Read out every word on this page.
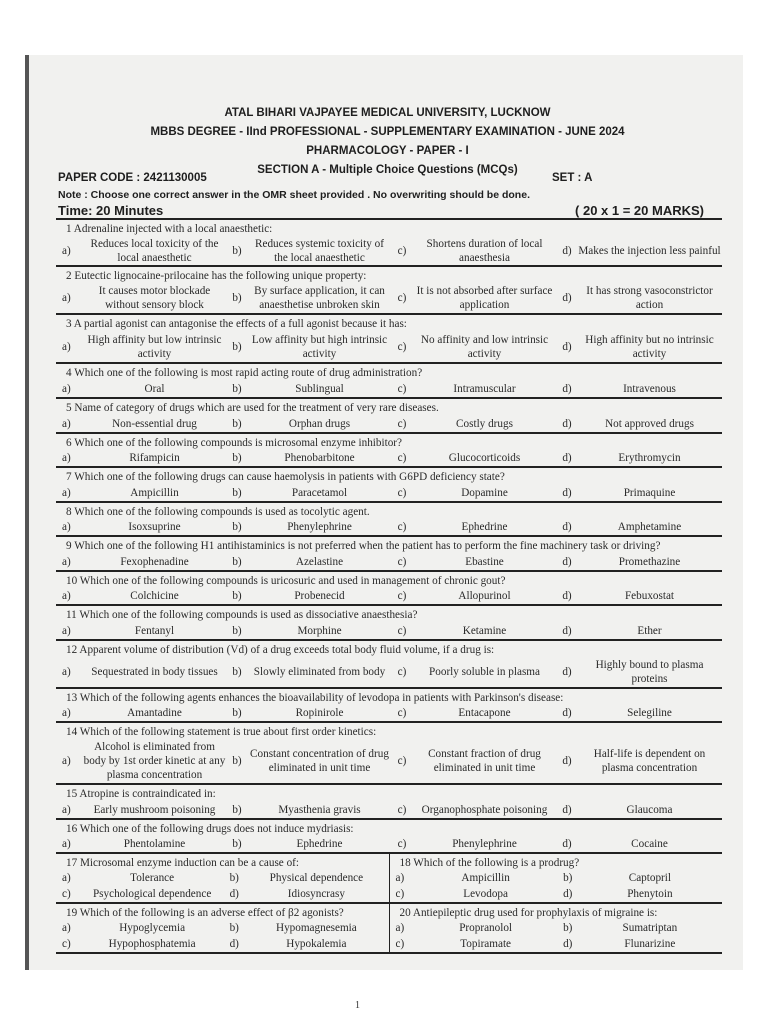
ATAL BIHARI VAJPAYEE MEDICAL UNIVERSITY, LUCKNOW
MBBS DEGREE - IInd PROFESSIONAL - SUPPLEMENTARY EXAMINATION - JUNE 2024
PHARMACOLOGY - PAPER - I
SECTION A - Multiple Choice Questions (MCQs)
PAPER CODE : 2421130005	SET : A
Note : Choose one correct answer in the OMR sheet provided . No overwriting should be done.
Time: 20 Minutes	( 20 x 1 = 20 MARKS)
1 Adrenaline injected with a local anaesthetic:
a)
Reduces local toxicity of the local anaesthetic
b)
Reduces systemic toxicity of the local anaesthetic
c)
Shortens duration of local anaesthesia
d) Makes the injection less painful
2 Eutectic lignocaine-prilocaine has the following unique property:
a)
It causes motor blockade without sensory block
b)
By surface application, it can anaesthetise unbroken skin
c)
It is not absorbed after surface application
d)
It has strong vasoconstrictor action
3 A partial agonist can antagonise the effects of a full agonist because it has:
a)
High affinity but low intrinsic activity
b)
Low affinity but high intrinsic activity
c)
No affinity and low intrinsic activity
d)
High affinity but no intrinsic activity
4 Which one of the following is most rapid acting route of drug administration?
a)	Oral	b)	Sublingual	c)	Intramuscular	d)	Intravenous
5 Name of category of drugs which are used for the treatment of very rare diseases.
a)	Non-essential drug	b)	Orphan drugs	c)	Costly drugs	d)	Not approved drugs
6 Which one of the following compounds is microsomal enzyme inhibitor?
a)	Rifampicin	b)	Phenobarbitone	c)	Glucocorticoids	d)	Erythromycin
7 Which one of the following drugs can cause haemolysis in patients with G6PD deficiency state?
a)	Ampicillin	b)	Paracetamol	c)	Dopamine	d)	Primaquine
8 Which one of the following compounds is used as tocolytic agent.
a)	Isoxsuprine	b)	Phenylephrine	c)	Ephedrine	d)	Amphetamine
9 Which one of the following H1 antihistaminics is not preferred when the patient has to perform the fine machinery task or driving?
a)	Fexophenadine	b)	Azelastine	c)	Ebastine	d)	Promethazine
10 Which one of the following compounds is uricosuric and used in management of chronic gout?
a)	Colchicine	b)	Probenecid	c)	Allopurinol	d)	Febuxostat
11 Which one of the following compounds is used as dissociative anaesthesia?
a)	Fentanyl	b)	Morphine	c)	Ketamine	d)	Ether
12 Apparent volume of distribution (Vd) of a drug exceeds total body fluid volume, if a drug is:
a)	Sequestrated in body tissues	b)	Slowly eliminated from body	c)	Poorly soluble in plasma	d)
Highly bound to plasma proteins
13 Which of the following agents enhances the bioavailability of levodopa in patients with Parkinson's disease:
a)	Amantadine	b)	Ropinirole	c)	Entacapone	d)	Selegiline
14 Which of the following statement is true about first order kinetics:
a)
Alcohol is eliminated from body by 1st order kinetic at any plasma concentration
b)
Constant concentration of drug eliminated in unit time
c)
Constant fraction of drug eliminated in unit time
d)
Half-life is dependent on plasma concentration
15 Atropine is contraindicated in:
a)	Early mushroom poisoning	b)	Myasthenia gravis	c)	Organophosphate poisoning	d)	Glaucoma
16 Which one of the following drugs does not induce mydriasis:
a)	Phentolamine	b)	Ephedrine	c)	Phenylephrine	d)	Cocaine
17 Microsomal enzyme induction can be a cause of:
a)	Tolerance	b)	Physical dependence
c)	Psychological dependence	d)	Idiosyncrasy
18 Which of the following is a prodrug?
a)	Ampicillin	b)	Captopril
c)	Levodopa	d)	Phenytoin
19 Which of the following is an adverse effect of β2 agonists?
a)	Hypoglycemia	b)	Hypomagnesemia
c)	Hypophosphatemia	d)	Hypokalemia
20 Antiepileptic drug used for prophylaxis of migraine is:
a)	Propranolol	b)	Sumatriptan
c)	Topiramate	d)	Flunarizine
1
